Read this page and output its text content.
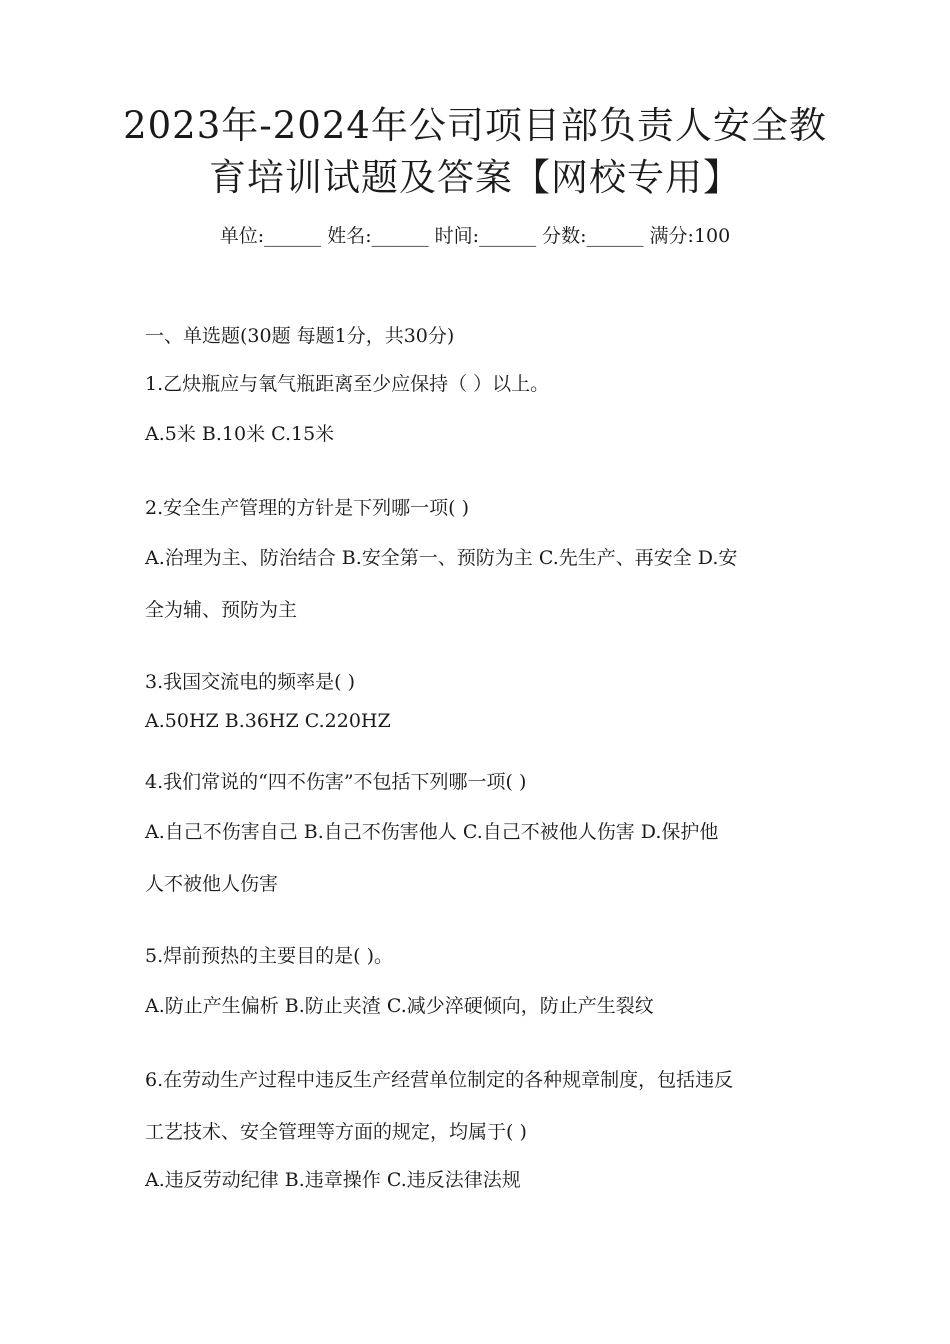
2023年-2024年公司项目部负责人安全教
育培训试题及答案【网校专用】
单位:______ 姓名:______ 时间:______ 分数:______ 满分:100
一、单选题(30题 每题1分，共30分)
1.乙炔瓶应与氧气瓶距离至少应保持（ ）以上。
A.5米 B.10米 C.15米
2.安全生产管理的方针是下列哪一项( )
A.治理为主、防治结合 B.安全第一、预防为主 C.先生产、再安全 D.安
全为辅、预防为主
3.我国交流电的频率是( )
A.50HZ B.36HZ C.220HZ
4.我们常说的“四不伤害”不包括下列哪一项( )
A.自己不伤害自己 B.自己不伤害他人 C.自己不被他人伤害 D.保护他
人不被他人伤害
5.焊前预热的主要目的是( )。
A.防止产生偏析 B.防止夹渣 C.减少淬硬倾向，防止产生裂纹
6.在劳动生产过程中违反生产经营单位制定的各种规章制度，包括违反
工艺技术、安全管理等方面的规定，均属于( )
A.违反劳动纪律 B.违章操作 C.违反法律法规
